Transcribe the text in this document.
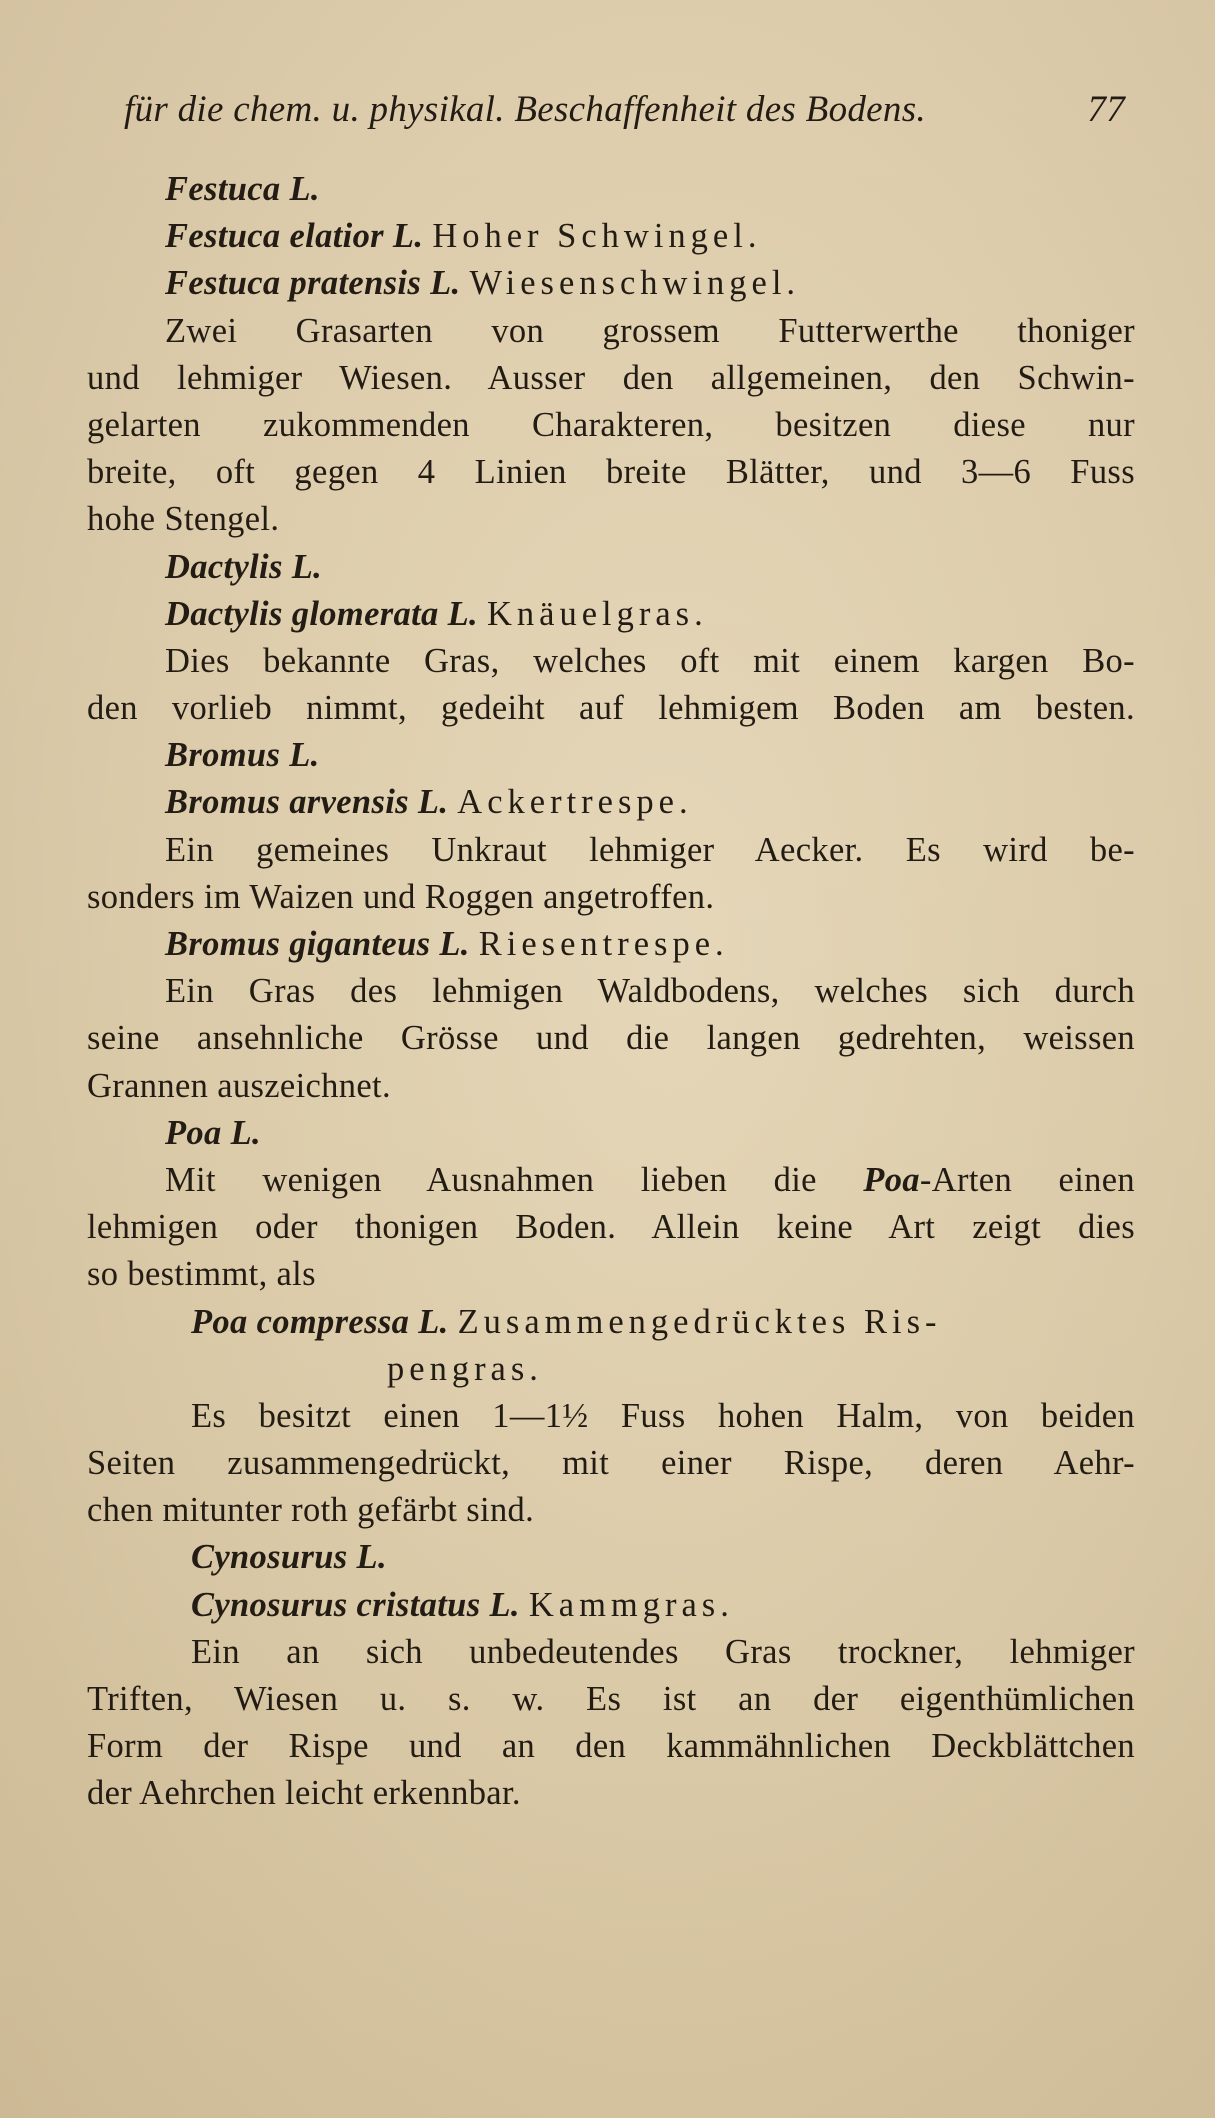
für die chem. u. physikal. Beschaffenheit des Bodens.	77
Festuca L.
Festuca elatior L. Hoher Schwingel.
Festuca pratensis L. Wiesenschwingel.
Zwei Grasarten von grossem Futterwerthe thoniger
und lehmiger Wiesen. Ausser den allgemeinen, den Schwin-
gelarten zukommenden Charakteren, besitzen diese nur
breite, oft gegen 4 Linien breite Blätter, und 3—6 Fuss
hohe Stengel.
Dactylis L.
Dactylis glomerata L. Knäuelgras.
Dies bekannte Gras, welches oft mit einem kargen Bo-
den vorlieb nimmt, gedeiht auf lehmigem Boden am besten.
Bromus L.
Bromus arvensis L. Ackertrespe.
Ein gemeines Unkraut lehmiger Aecker. Es wird be-
sonders im Waizen und Roggen angetroffen.
Bromus giganteus L. Riesentrespe.
Ein Gras des lehmigen Waldbodens, welches sich durch
seine ansehnliche Grösse und die langen gedrehten, weissen
Grannen auszeichnet.
Poa L.
Mit wenigen Ausnahmen lieben die Poa-Arten einen
lehmigen oder thonigen Boden. Allein keine Art zeigt dies
so bestimmt, als
Poa compressa L. Zusammengedrücktes Ris-
pengras.
Es besitzt einen 1—1½ Fuss hohen Halm, von beiden
Seiten zusammengedrückt, mit einer Rispe, deren Aehr-
chen mitunter roth gefärbt sind.
Cynosurus L.
Cynosurus cristatus L. Kammgras.
Ein an sich unbedeutendes Gras trockner, lehmiger
Triften, Wiesen u. s. w. Es ist an der eigenthümlichen
Form der Rispe und an den kammähnlichen Deckblättchen
der Aehrchen leicht erkennbar.
